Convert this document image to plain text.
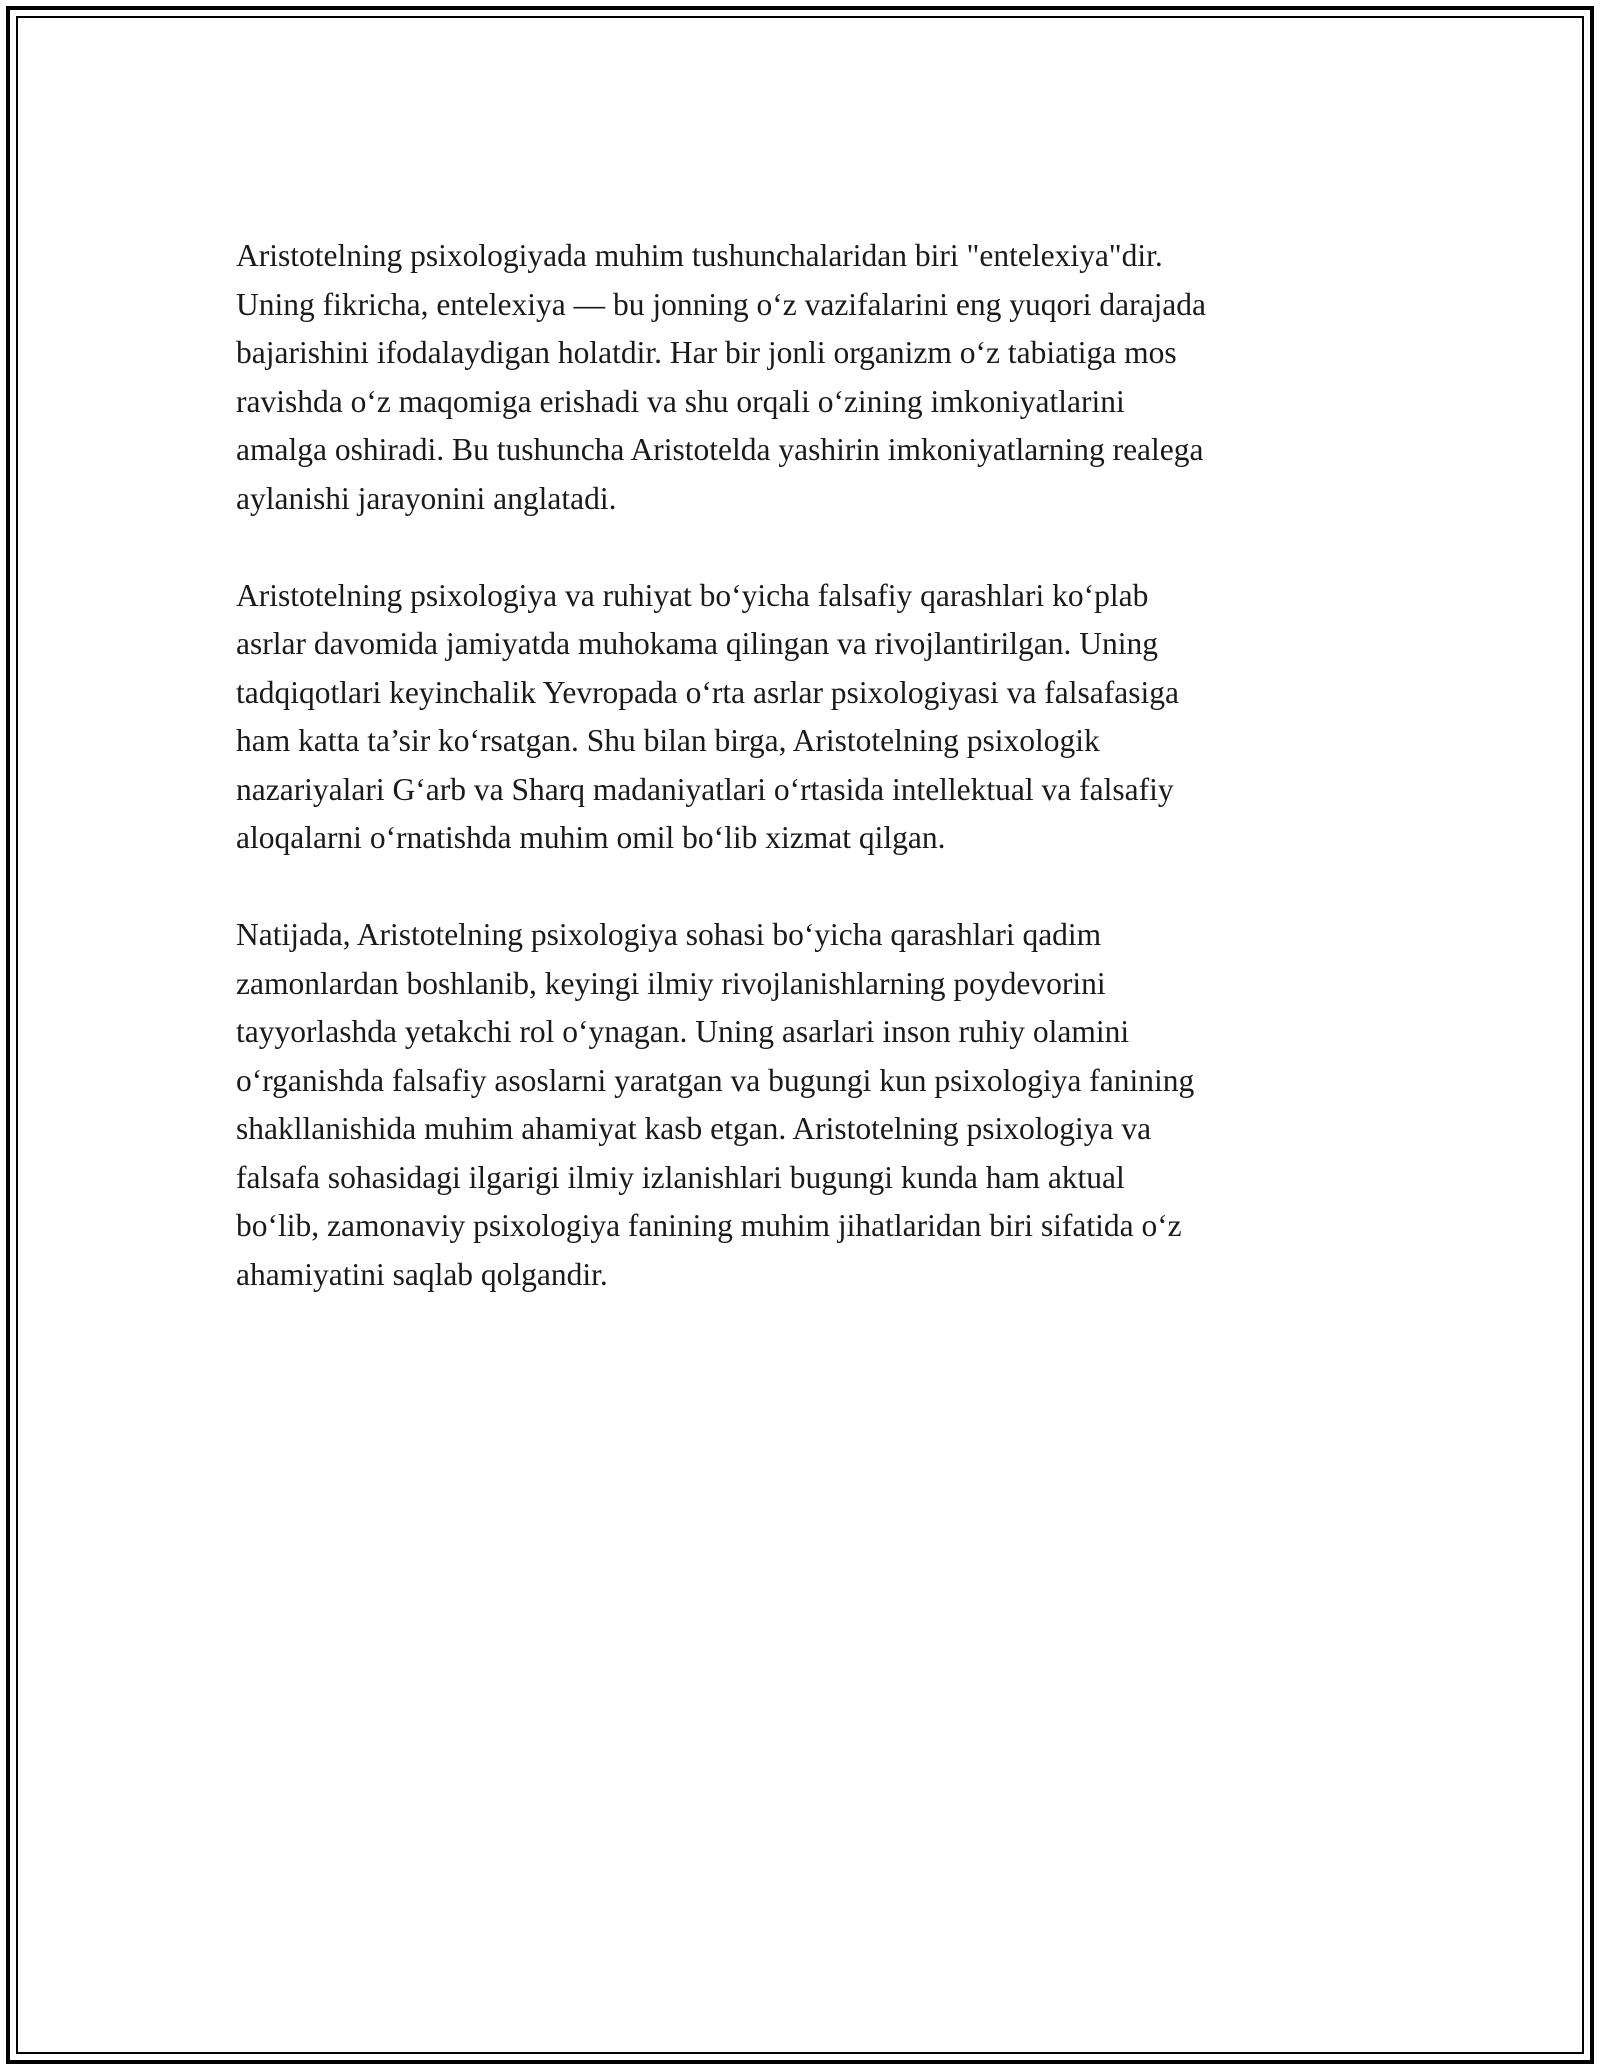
Aristotelning psixologiyada muhim tushunchalaridan biri "entelexiya"dir.
Uning fikricha, entelexiya — bu jonning o‘z vazifalarini eng yuqori darajada
bajarishini ifodalaydigan holatdir. Har bir jonli organizm o‘z tabiatiga mos
ravishda o‘z maqomiga erishadi va shu orqali o‘zining imkoniyatlarini
amalga oshiradi. Bu tushuncha Aristotelda yashirin imkoniyatlarning realega
aylanishi jarayonini anglatadi.

Aristotelning psixologiya va ruhiyat bo‘yicha falsafiy qarashlari ko‘plab
asrlar davomida jamiyatda muhokama qilingan va rivojlantirilgan. Uning
tadqiqotlari keyinchalik Yevropada o‘rta asrlar psixologiyasi va falsafasiga
ham katta ta’sir ko‘rsatgan. Shu bilan birga, Aristotelning psixologik
nazariyalari G‘arb va Sharq madaniyatlari o‘rtasida intellektual va falsafiy
aloqalarni o‘rnatishda muhim omil bo‘lib xizmat qilgan.

Natijada, Aristotelning psixologiya sohasi bo‘yicha qarashlari qadim
zamonlardan boshlanib, keyingi ilmiy rivojlanishlarning poydevorini
tayyorlashda yetakchi rol o‘ynagan. Uning asarlari inson ruhiy olamini
o‘rganishda falsafiy asoslarni yaratgan va bugungi kun psixologiya fanining
shakllanishida muhim ahamiyat kasb etgan. Aristotelning psixologiya va
falsafa sohasidagi ilgarigi ilmiy izlanishlari bugungi kunda ham aktual
bo‘lib, zamonaviy psixologiya fanining muhim jihatlaridan biri sifatida o‘z
ahamiyatini saqlab qolgandir.
